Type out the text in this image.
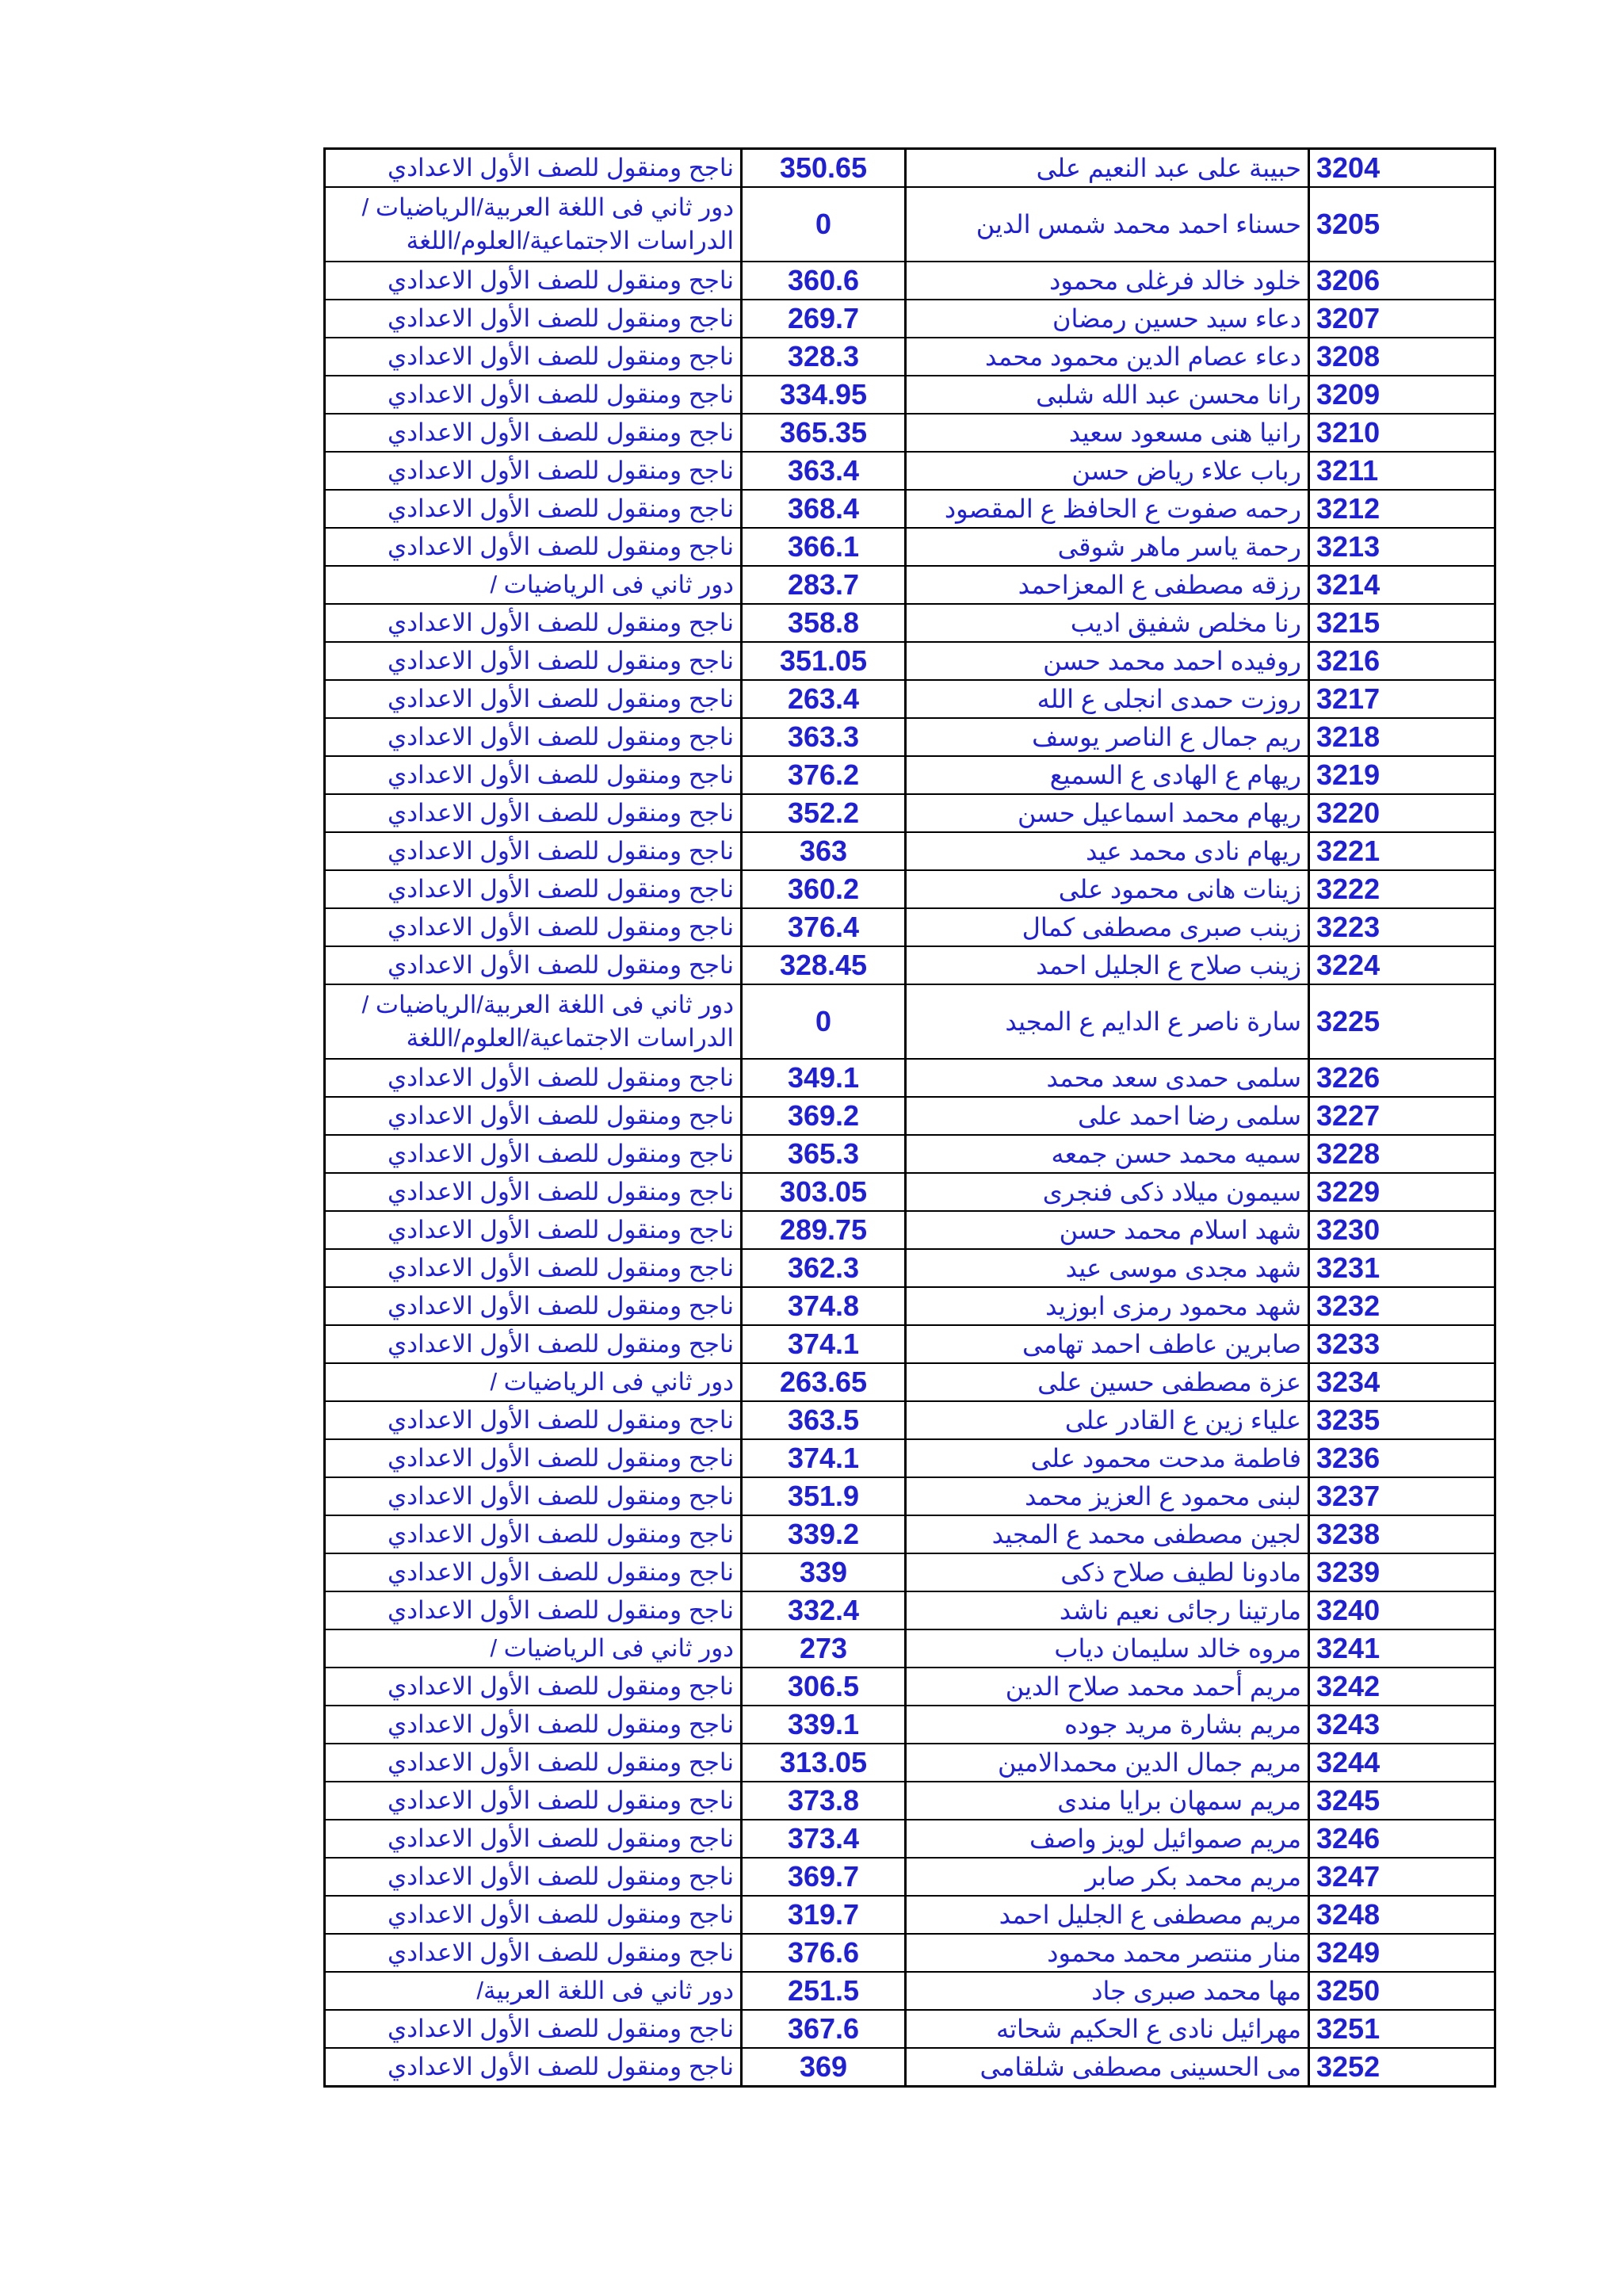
3204	حبيبة على عبد النعيم على	350.65	ناجح ومنقول للصف الأول الاعدادي
3205	حسناء احمد محمد شمس الدين	0	دور ثاني فى اللغة العربية/الرياضيات / الدراسات الاجتماعية/العلوم/اللغة
3206	خلود خالد فرغلى محمود	360.6	ناجح ومنقول للصف الأول الاعدادي
3207	دعاء سيد حسين رمضان	269.7	ناجح ومنقول للصف الأول الاعدادي
3208	دعاء عصام الدين محمود محمد	328.3	ناجح ومنقول للصف الأول الاعدادي
3209	رانا محسن عبد الله شلبى	334.95	ناجح ومنقول للصف الأول الاعدادي
3210	رانيا هنى مسعود سعيد	365.35	ناجح ومنقول للصف الأول الاعدادي
3211	رباب علاء رياض حسن	363.4	ناجح ومنقول للصف الأول الاعدادي
3212	رحمه صفوت ع الحافظ ع المقصود	368.4	ناجح ومنقول للصف الأول الاعدادي
3213	رحمة ياسر ماهر شوقى	366.1	ناجح ومنقول للصف الأول الاعدادي
3214	رزقه مصطفى ع المعزاحمد	283.7	دور ثاني فى الرياضيات /
3215	رنا مخلص شفيق اديب	358.8	ناجح ومنقول للصف الأول الاعدادي
3216	روفيده احمد محمد حسن	351.05	ناجح ومنقول للصف الأول الاعدادي
3217	روزت حمدى انجلى ع الله	263.4	ناجح ومنقول للصف الأول الاعدادي
3218	ريم جمال ع الناصر يوسف	363.3	ناجح ومنقول للصف الأول الاعدادي
3219	ريهام ع الهادى ع السميع	376.2	ناجح ومنقول للصف الأول الاعدادي
3220	ريهام محمد اسماعيل حسن	352.2	ناجح ومنقول للصف الأول الاعدادي
3221	ريهام نادى محمد عيد	363	ناجح ومنقول للصف الأول الاعدادي
3222	زينات هانى محمود على	360.2	ناجح ومنقول للصف الأول الاعدادي
3223	زينب صبرى مصطفى كمال	376.4	ناجح ومنقول للصف الأول الاعدادي
3224	زينب صلاح ع الجليل احمد	328.45	ناجح ومنقول للصف الأول الاعدادي
3225	سارة ناصر ع الدايم ع المجيد	0	دور ثاني فى اللغة العربية/الرياضيات / الدراسات الاجتماعية/العلوم/اللغة
3226	سلمى حمدى سعد محمد	349.1	ناجح ومنقول للصف الأول الاعدادي
3227	سلمى رضا احمد على	369.2	ناجح ومنقول للصف الأول الاعدادي
3228	سميه محمد حسن جمعه	365.3	ناجح ومنقول للصف الأول الاعدادي
3229	سيمون ميلاد ذكى فنجرى	303.05	ناجح ومنقول للصف الأول الاعدادي
3230	شهد اسلام محمد حسن	289.75	ناجح ومنقول للصف الأول الاعدادي
3231	شهد مجدى موسى عيد	362.3	ناجح ومنقول للصف الأول الاعدادي
3232	شهد محمود رمزى ابوزيد	374.8	ناجح ومنقول للصف الأول الاعدادي
3233	صابرين عاطف احمد تهامى	374.1	ناجح ومنقول للصف الأول الاعدادي
3234	عزة مصطفى حسين على	263.65	دور ثاني فى الرياضيات /
3235	علياء زين ع القادر على	363.5	ناجح ومنقول للصف الأول الاعدادي
3236	فاطمة مدحت محمود على	374.1	ناجح ومنقول للصف الأول الاعدادي
3237	لبنى محمود ع العزيز محمد	351.9	ناجح ومنقول للصف الأول الاعدادي
3238	لجين مصطفى محمد ع المجيد	339.2	ناجح ومنقول للصف الأول الاعدادي
3239	مادونا لطيف صلاح ذكى	339	ناجح ومنقول للصف الأول الاعدادي
3240	مارتينا رجائى نعيم ناشد	332.4	ناجح ومنقول للصف الأول الاعدادي
3241	مروه خالد سليمان دياب	273	دور ثاني فى الرياضيات /
3242	مريم أحمد محمد صلاح الدين	306.5	ناجح ومنقول للصف الأول الاعدادي
3243	مريم بشارة مريد جوده	339.1	ناجح ومنقول للصف الأول الاعدادي
3244	مريم جمال الدين محمدالامين	313.05	ناجح ومنقول للصف الأول الاعدادي
3245	مريم سمهان برايا مندى	373.8	ناجح ومنقول للصف الأول الاعدادي
3246	مريم صموائيل لويز واصف	373.4	ناجح ومنقول للصف الأول الاعدادي
3247	مريم محمد بكر صابر	369.7	ناجح ومنقول للصف الأول الاعدادي
3248	مريم مصطفى ع الجليل احمد	319.7	ناجح ومنقول للصف الأول الاعدادي
3249	منار منتصر محمد محمود	376.6	ناجح ومنقول للصف الأول الاعدادي
3250	مها محمد صبرى جاد	251.5	دور ثاني فى اللغة العربية/
3251	مهرائيل نادى ع الحكيم شحاته	367.6	ناجح ومنقول للصف الأول الاعدادي
3252	مى الحسينى مصطفى شلقامى	369	ناجح ومنقول للصف الأول الاعدادي
